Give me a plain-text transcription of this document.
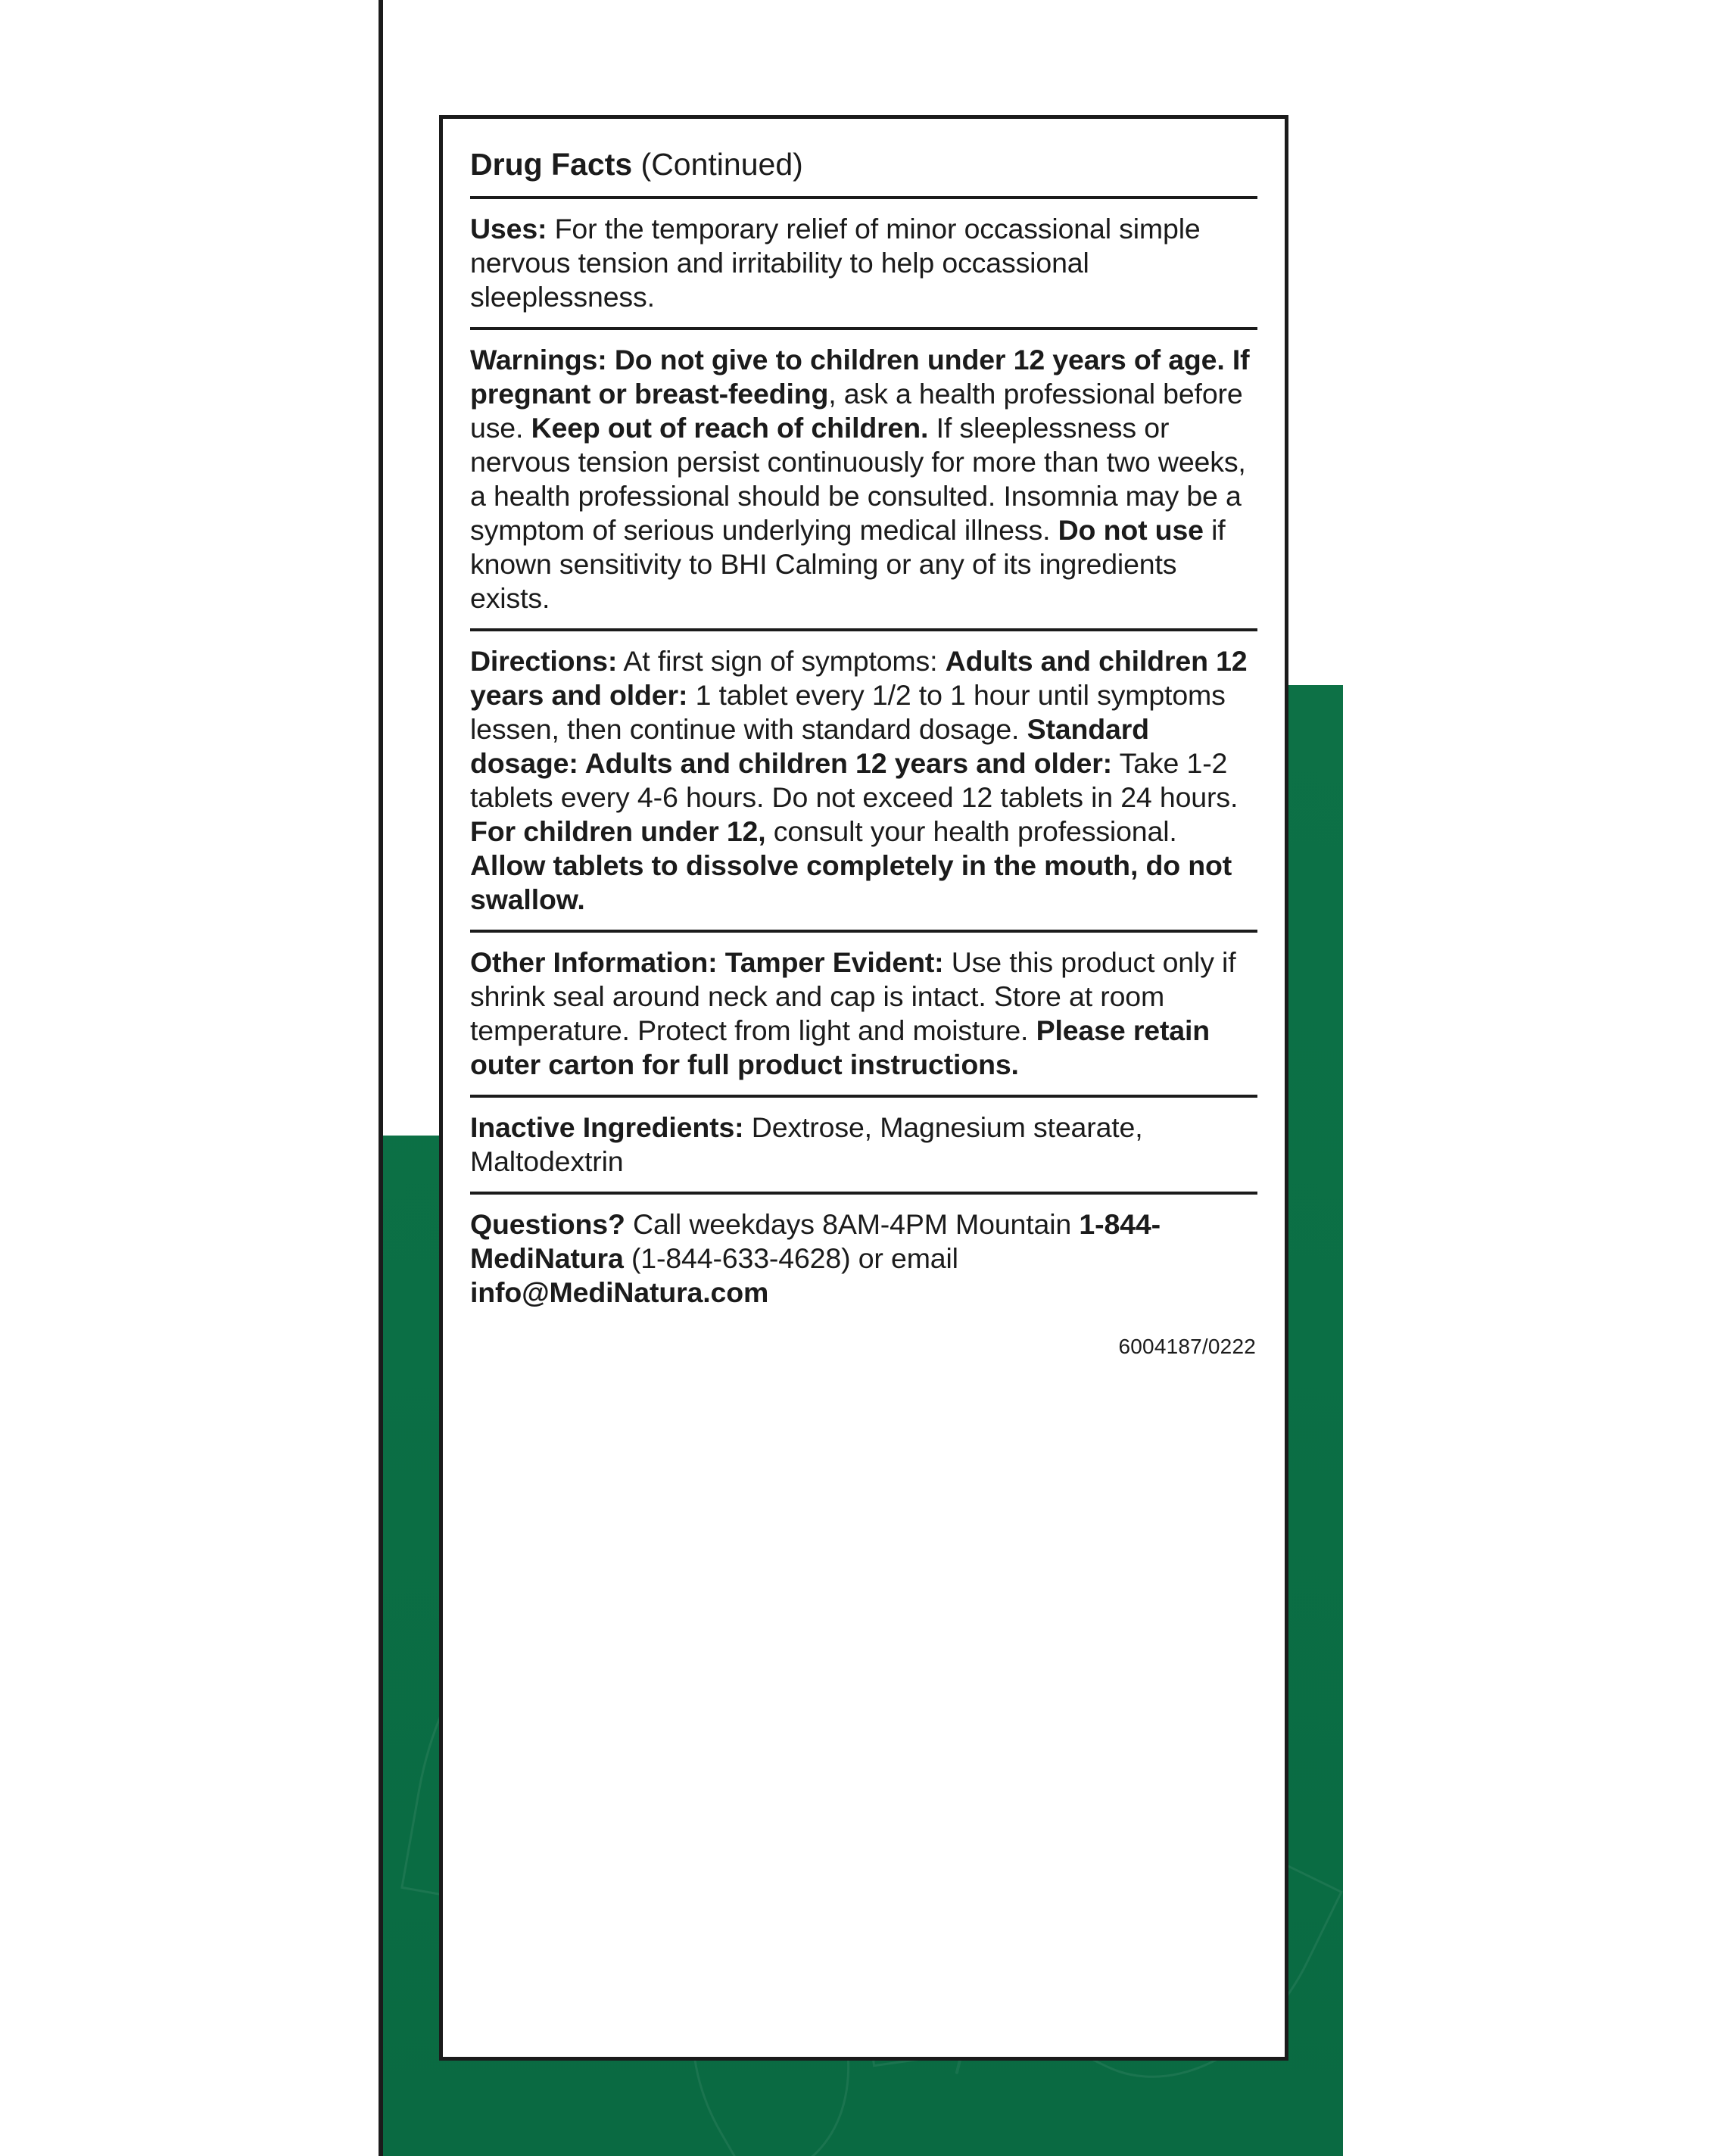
Drug Facts (Continued)
Uses: For the temporary relief of minor occassional simple nervous tension and irritability to help occassional sleeplessness.
Warnings: Do not give to children under 12 years of age. If pregnant or breast-feeding, ask a health professional before use. Keep out of reach of children. If sleeplessness or nervous tension persist continuously for more than two weeks, a health professional should be consulted. Insomnia may be a symptom of serious underlying medical illness. Do not use if known sensitivity to BHI Calming or any of its ingredients exists.
Directions: At first sign of symptoms: Adults and children 12 years and older: 1 tablet every 1/2 to 1 hour until symptoms lessen, then continue with standard dosage. Standard dosage: Adults and children 12 years and older: Take 1-2 tablets every 4-6 hours. Do not exceed 12 tablets in 24 hours. For children under 12, consult your health professional. Allow tablets to dissolve completely in the mouth, do not swallow.
Other Information: Tamper Evident: Use this product only if shrink seal around neck and cap is intact. Store at room temperature. Protect from light and moisture. Please retain outer carton for full product instructions.
Inactive Ingredients: Dextrose, Magnesium stearate, Maltodextrin
Questions? Call weekdays 8AM-4PM Mountain 1-844-MediNatura (1-844-633-4628) or email info@MediNatura.com
6004187/0222
